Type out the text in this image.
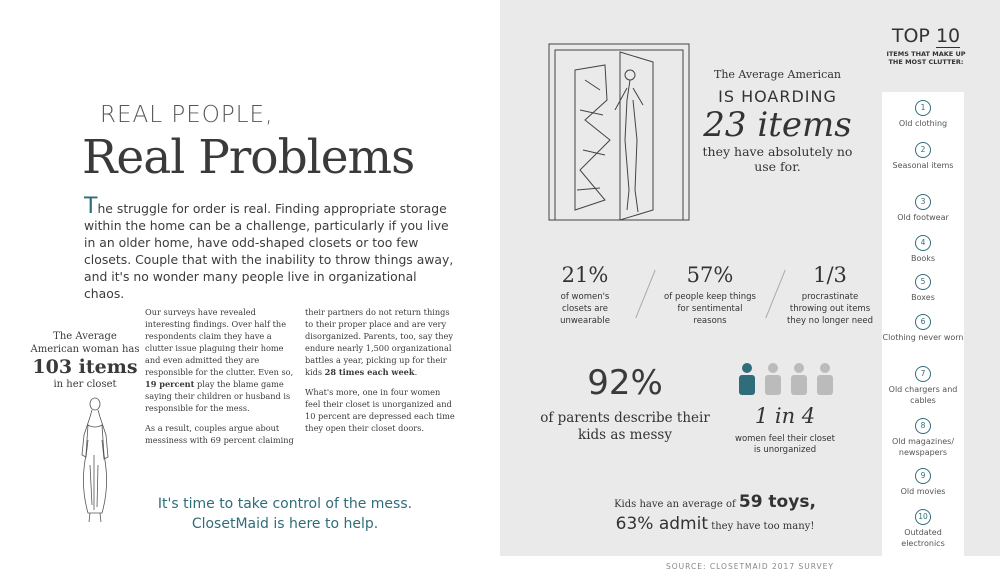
REAL PEOPLE,
Real Problems
The struggle for order is real. Finding appropriate storage within the home can be a challenge, particularly if you live in an older home, have odd-shaped closets or too few closets. Couple that with the inability to throw things away, and it's no wonder many people live in organizational chaos.

Our surveys have revealed interesting findings. Over half the respondents claim they have a clutter issue plaguing their home and even admitted they are responsible for the clutter. Even so, 19 percent play the blame game saying their children or husband is responsible for the mess.

As a result, couples argue about messiness with 69 percent claiming

their partners do not return things to their proper place and are very disorganized. Parents, too, say they endure nearly 1,500 organizational battles a year, picking up for their kids 28 times each week.

What's more, one in four women feel their closet is unorganized and 10 percent are depressed each time they open their closet doors.

The Average American woman has
103 items
in her closet
It's time to take control of the mess.
ClosetMaid is here to help.
The Average American
IS HOARDING
23 items
they have absolutely no use for.
21%
of women's closets are unwearable
57%
of people keep things for sentimental reasons
1/3
procrastinate throwing out items they no longer need
92%
of parents describe their kids as messy
1 in 4
women feel their closet is unorganized
Kids have an average of 59 toys,
63% admit they have too many!
SOURCE: CLOSETMAID 2017 SURVEY
TOP 10
ITEMS THAT MAKE UP THE MOST CLUTTER:
1
Old clothing
2
Seasonal items
3
Old footwear
4
Books
5
Boxes
6
Clothing never worn
7
Old chargers and cables
8
Old magazines/ newspapers
9
Old movies
10
Outdated electronics
